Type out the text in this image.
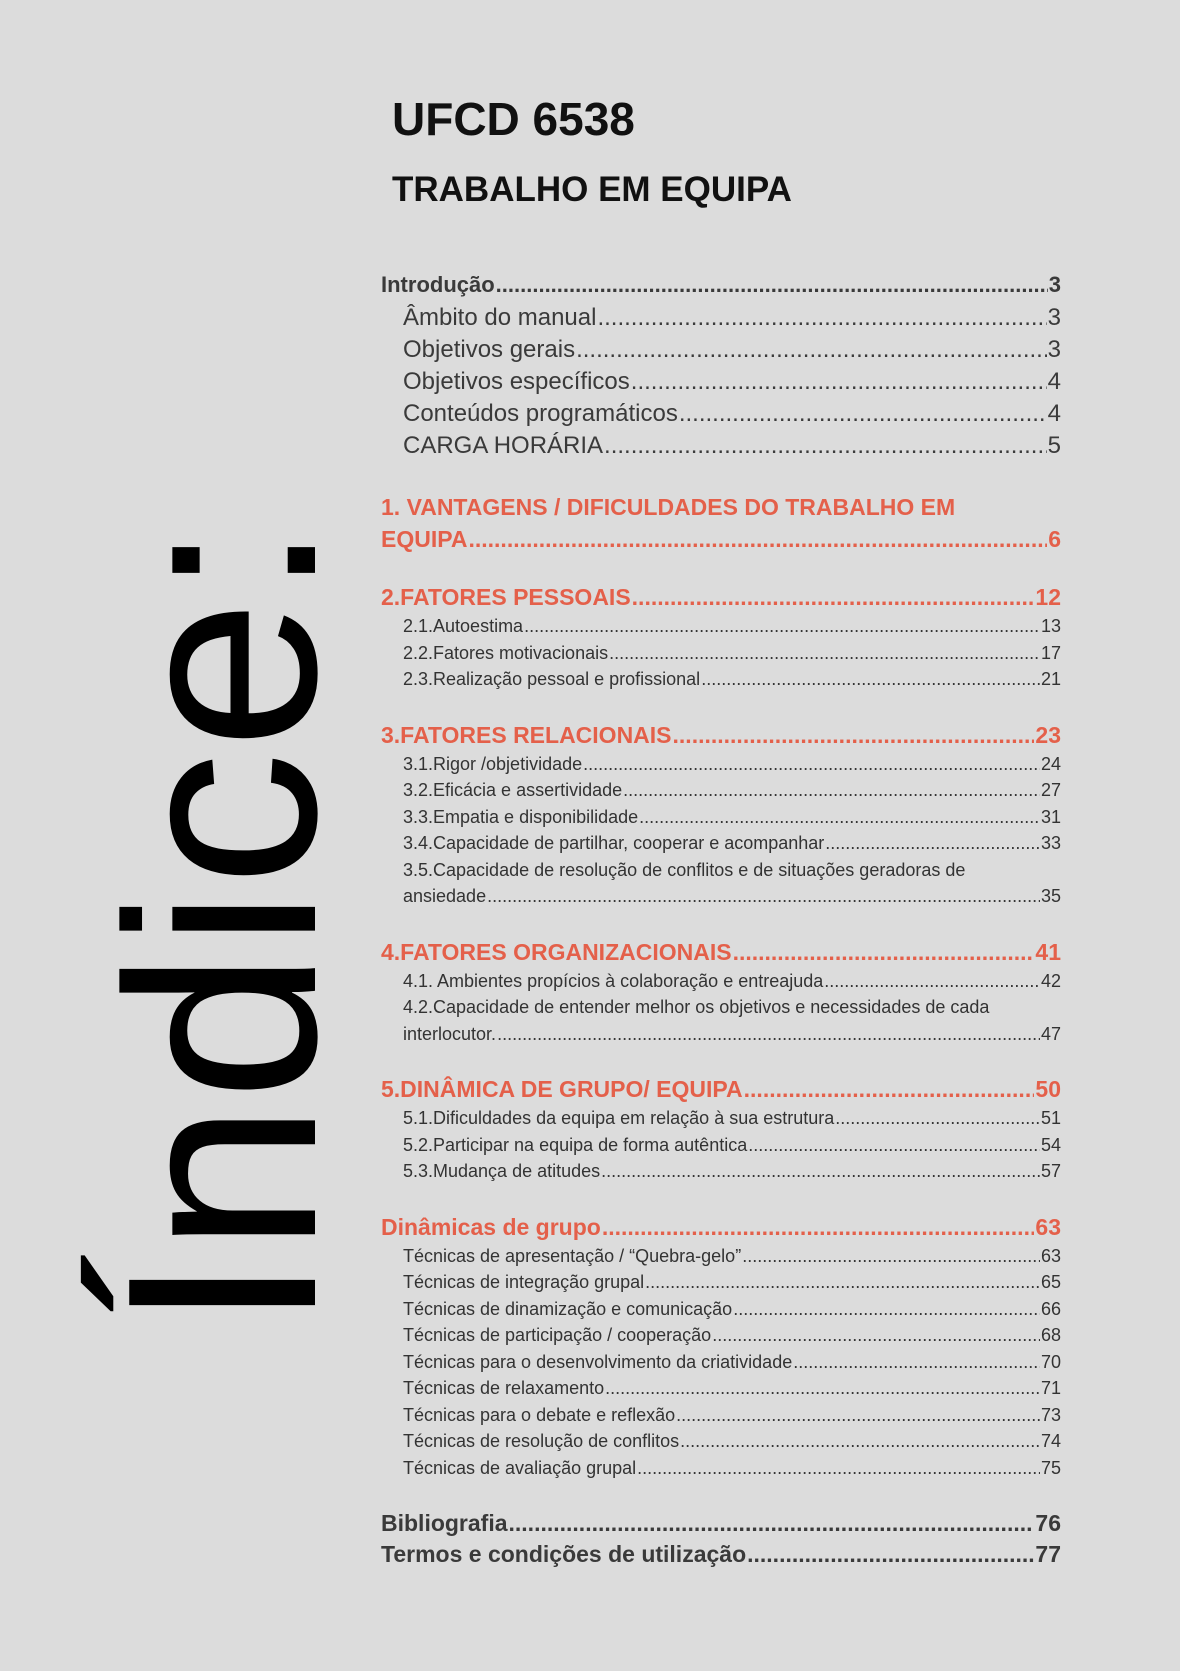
Índice:
UFCD 6538
TRABALHO EM EQUIPA
Introdução .....	3
Âmbito do manual .....	3
Objetivos gerais .....	3
Objetivos específicos .....	4
Conteúdos programáticos .....	4
CARGA HORÁRIA .....	5
1. VANTAGENS / DIFICULDADES DO TRABALHO EM
EQUIPA .....	6
2.FATORES PESSOAIS .....	12
2.1.Autoestima .....	13
2.2.Fatores motivacionais .....	17
2.3.Realização pessoal e profissional .....	21
3.FATORES RELACIONAIS .....	23
3.1.Rigor /objetividade .....	24
3.2.Eficácia e assertividade .....	27
3.3.Empatia e disponibilidade .....	31
3.4.Capacidade de partilhar, cooperar e acompanhar .....	33
3.5.Capacidade de resolução de conflitos e de situações geradoras de
ansiedade .....	35
4.FATORES ORGANIZACIONAIS .....	41
4.1. Ambientes propícios à colaboração e entreajuda .....	42
4.2.Capacidade de entender melhor os objetivos e necessidades de cada
interlocutor. .....	47
5.DINÂMICA DE GRUPO/ EQUIPA .....	50
5.1.Dificuldades da equipa em relação à sua estrutura .....	51
5.2.Participar na equipa de forma autêntica .....	54
5.3.Mudança de atitudes .....	57
Dinâmicas de grupo .....	63
Técnicas de apresentação / “Quebra-gelo” .....	63
Técnicas de integração grupal .....	65
Técnicas de dinamização e comunicação .....	66
Técnicas de participação / cooperação .....	68
Técnicas para o desenvolvimento da criatividade .....	70
Técnicas de relaxamento .....	71
Técnicas para o debate e reflexão .....	73
Técnicas de resolução de conflitos .....	74
Técnicas de avaliação grupal .....	75
Bibliografia .....	76
Termos e condições de utilização .....	77
